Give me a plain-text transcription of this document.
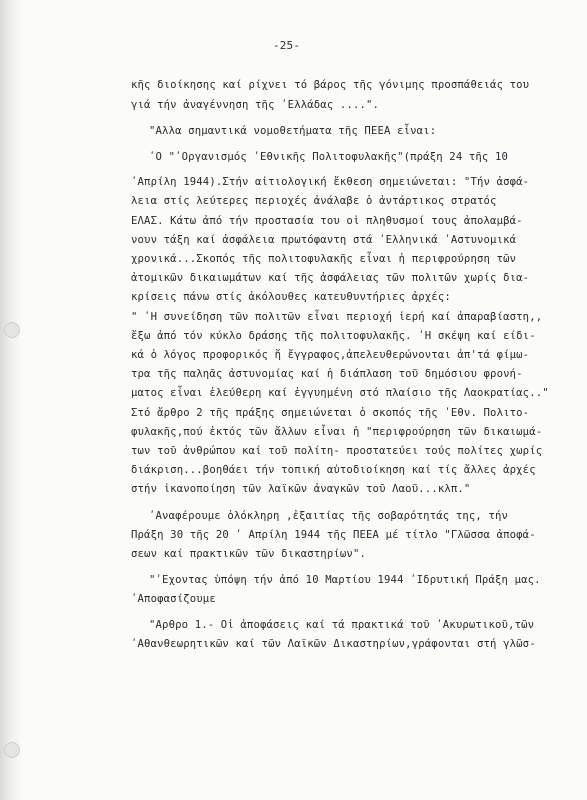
-25-
κῆς διοίκησης καί ρίχνει τό βάρος τῆς γόνιμης προσπάθειάς του
γιά τήν ἀναγέννηση τῆς ʹΕλλάδας ....".
"Αλλα σημαντικά νομοθετήματα τῆς ΠΕΕΑ εἶναι:
ʹΟ "ʹΟργανισμός ʹΕθνικῆς Πολιτοφυλακῆς"(πράξη 24 τῆς 10
ʹΑπρίλη 1944).Στήν αἰτιολογική ἔκθεση σημειώνεται: "Τήν ἀσφά-
λεια στίς λεύτερες περιοχές ἀνάλαβε ὁ ἀντάρτικος στρατός
ΕΛΑΣ. Κάτω ἀπό τήν προστασία του οἱ πληθυσμοί τους ἀπολαμβά-
νουν τάξη καί ἀσφάλεια πρωτόφαντη στά ʹΕλληνικά ʹΑστυνομικά
χρονικά...Σκοπός τῆς πολιτοφυλακῆς εἶναι ἡ περιφρούρηση τῶν
ἀτομικῶν δικαιωμάτων καί τῆς ἀσφάλειας τῶν πολιτῶν χωρίς δια-
κρίσεις πάνω στίς ἀκόλουθες κατευθυντήριες ἀρχές:
" ʹΗ συνείδηση τῶν πολιτῶν εἶναι περιοχή ἱερή καί ἀπαραβίαστη,,
ἔξω ἀπό τόν κύκλο δράσης τῆς πολιτοφυλακῆς. ʹΗ σκέψη καί είδι-
κά ὁ λόγος προφορικός ἤ ἔγγραφος,ἀπελευθερώνονται ἀπ'τά φίμω-
τρα τῆς παληᾶς ἀστυνομίας καί ἡ διάπλαση τοῦ δημόσιου φρονή-
ματος εἶναι ἐλεύθερη καί ἐγγυημένη στό πλαίσιο τῆς Λαοκρατίας.."
Στό ἄρθρο 2 τῆς πράξης σημειώνεται ὁ σκοπός τῆς ʹΕθν. Πολιτο-
φυλακῆς,πού ἐκτός τῶν ἄλλων εἶναι ἡ "περιφρούρηση τῶν δικαιωμά-
των τοῦ ἀνθρώπου καί τοῦ πολίτη- προστατεύει τούς πολίτες χωρίς
διάκριση...βοηθάει τήν τοπική αὐτοδιοίκηση καί τίς ἄλλες ἀρχές
στήν ἱκανοποίηση τῶν λαϊκῶν ἀναγκῶν τοῦ Λαοῦ...κλπ."
ʹΑναφέρουμε ὁλόκληρη ,ἐξαιτίας τῆς σοβαρότητάς της, τήν
Πράξη 30 τῆς 20 ʹ Απρίλη 1944 τῆς ΠΕΕΑ μέ τίτλο "Γλῶσσα ἀποφά-
σεων καί πρακτικῶν τῶν δικαστηρίων".
"ʹΕχοντας ὑπόψη τήν ἀπό 10 Μαρτίου 1944 ʹΙδρυτική Πράξη μας.
ʹΑποφασίζουμε
"Αρθρο 1.- Οἱ ἀποφάσεις καί τά πρακτικά τοῦ ʹΑκυρωτικοῦ,τῶν
ʹΑθανθεωρητικῶν καί τῶν Λαϊκῶν Δικαστηρίων,γράφονται στή γλῶσ-
